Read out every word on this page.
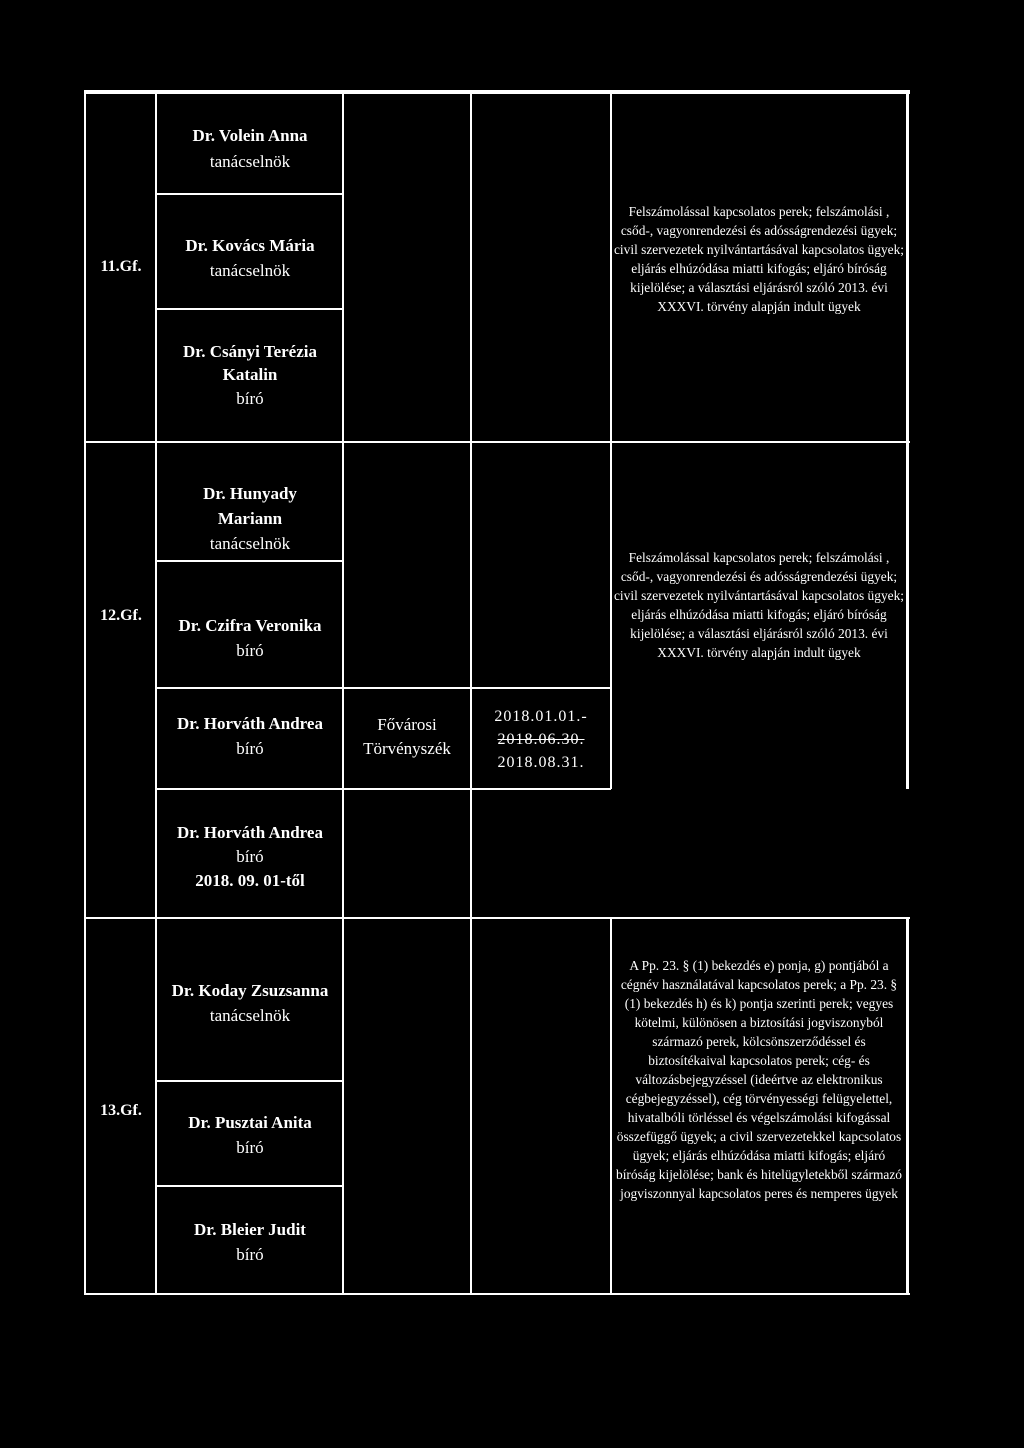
11.Gf.
Dr. Volein Anna
tanácselnök
Dr. Kovács Mária
tanácselnök
Dr. Csányi Terézia
Katalin
bíró
Felszámolással kapcsolatos perek; felszámolási , csőd-, vagyonrendezési és adósságrendezési ügyek; civil szervezetek nyilvántartásával kapcsolatos ügyek; eljárás elhúzódása miatti kifogás; eljáró bíróság kijelölése; a választási eljárásról szóló 2013. évi XXXVI. törvény alapján indult ügyek
12.Gf.
Dr. Hunyady
Mariann
tanácselnök
Dr. Czifra Veronika
bíró
Dr. Horváth Andrea
bíró
Fővárosi
Törvényszék
2018.01.01.-
2018.06.30.
2018.08.31.
Dr. Horváth Andrea
bíró
2018. 09. 01-től
Felszámolással kapcsolatos perek; felszámolási , csőd-, vagyonrendezési és adósságrendezési ügyek; civil szervezetek nyilvántartásával kapcsolatos ügyek; eljárás elhúzódása miatti kifogás; eljáró bíróság kijelölése; a választási eljárásról szóló 2013. évi XXXVI. törvény alapján indult ügyek
13.Gf.
Dr. Koday Zsuzsanna
tanácselnök
Dr. Pusztai Anita
bíró
Dr. Bleier Judit
bíró
A Pp. 23. § (1) bekezdés e) ponja, g) pontjából a cégnév használatával kapcsolatos perek; a Pp. 23. § (1) bekezdés h) és k) pontja szerinti perek; vegyes kötelmi, különösen a biztosítási jogviszonyból származó perek, kölcsönszerződéssel és biztosítékaival kapcsolatos perek; cég- és változásbejegyzéssel (ideértve az elektronikus cégbejegyzéssel), cég törvényességi felügyelettel, hivatalbóli törléssel és végelszámolási kifogással összefüggő ügyek; a civil szervezetekkel kapcsolatos ügyek; eljárás elhúzódása miatti kifogás; eljáró bíróság kijelölése; bank és hitelügyletekből származó jogviszonnyal kapcsolatos peres és nemperes ügyek
